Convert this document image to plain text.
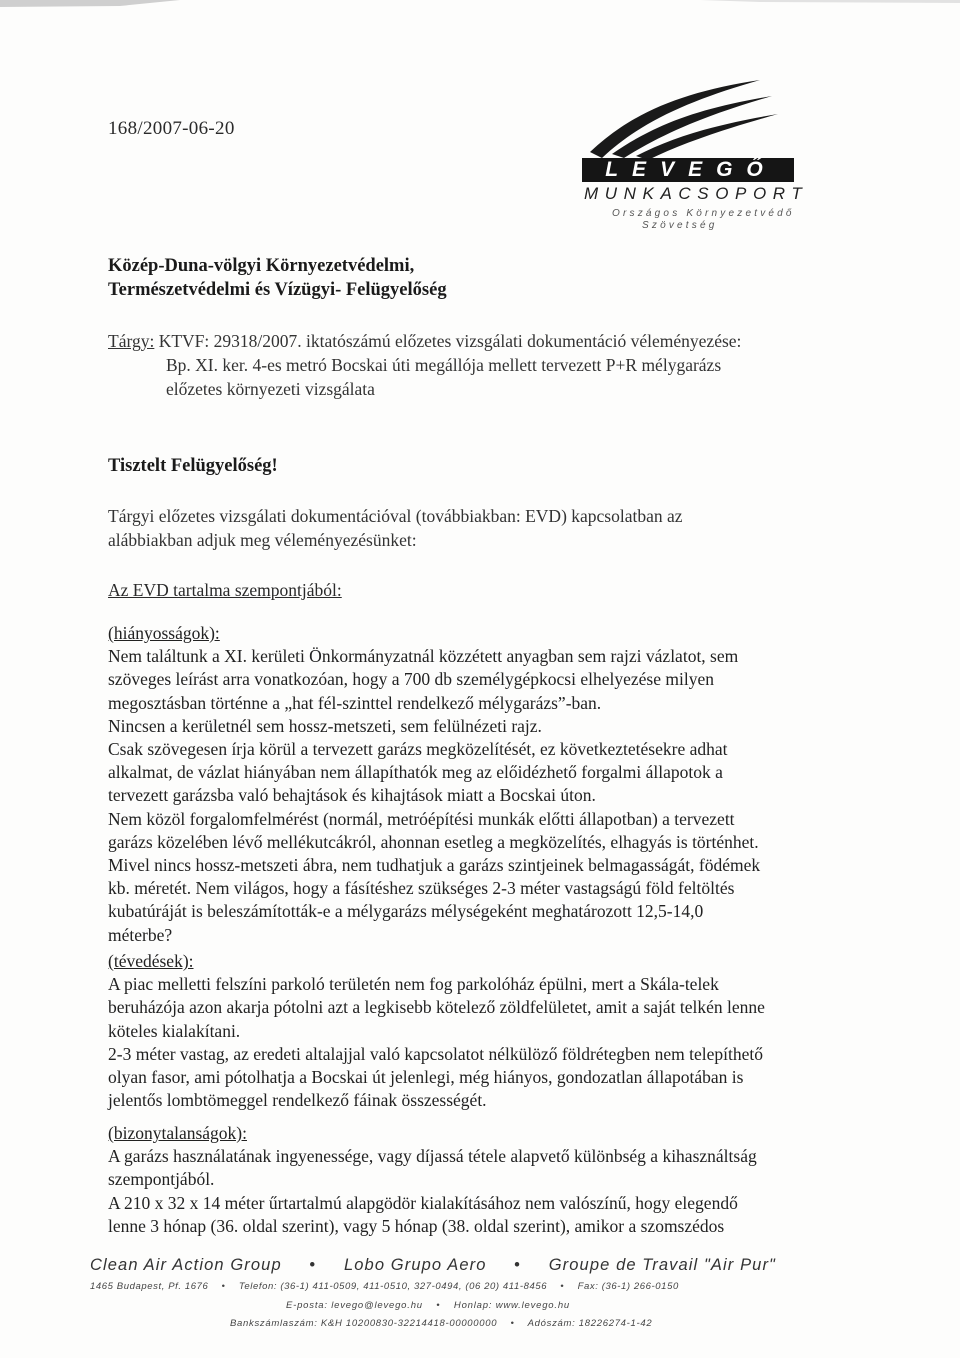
168/2007-06-20
LEVEGŐ
MUNKACSOPORT
Országos Környezetvédő
Szövetség
Közép-Duna-völgyi Környezetvédelmi,
Természetvédelmi és Vízügyi- Felügyelőség
Tárgy: KTVF: 29318/2007. iktatószámú előzetes vizsgálati dokumentáció véleményezése:
Bp. XI. ker. 4-es metró Bocskai úti megállója mellett tervezett P+R mélygarázs
előzetes környezeti vizsgálata
Tisztelt Felügyelőség!
Tárgyi előzetes vizsgálati dokumentációval (továbbiakban: EVD) kapcsolatban az
alábbiakban adjuk meg véleményezésünket:
Az EVD tartalma szempontjából:
(hiányosságok):
Nem találtunk a XI. kerületi Önkormányzatnál közzétett anyagban sem rajzi vázlatot, sem
szöveges leírást arra vonatkozóan, hogy a 700 db személygépkocsi elhelyezése milyen
megosztásban történne a „hat fél-szinttel rendelkező mélygarázs”-ban.
Nincsen a kerületnél sem hossz-metszeti, sem felülnézeti rajz.
Csak szövegesen írja körül a tervezett garázs megközelítését, ez következtetésekre adhat
alkalmat, de vázlat hiányában nem állapíthatók meg az előidézhető forgalmi állapotok a
tervezett garázsba való behajtások és kihajtások miatt a Bocskai úton.
Nem közöl forgalomfelmérést (normál, metróépítési munkák előtti állapotban) a tervezett
garázs közelében lévő mellékutcákról, ahonnan esetleg a megközelítés, elhagyás is történhet.
Mivel nincs hossz-metszeti ábra, nem tudhatjuk a garázs szintjeinek belmagasságát, födémek
kb. méretét. Nem világos, hogy a fásítéshez szükséges 2-3 méter vastagságú föld feltöltés
kubatúráját is beleszámították-e a mélygarázs mélységeként meghatározott 12,5-14,0
méterbe?
(tévedések):
A piac melletti felszíni parkoló területén nem fog parkolóház épülni, mert a Skála-telek
beruházója azon akarja pótolni azt a legkisebb kötelező zöldfelületet, amit a saját telkén lenne
köteles kialakítani.
2-3 méter vastag, az eredeti altalajjal való kapcsolatot nélkülöző földrétegben nem telepíthető
olyan fasor, ami pótolhatja a Bocskai út jelenlegi, még hiányos, gondozatlan állapotában is
jelentős lombtömeggel rendelkező fáinak összességét.
(bizonytalanságok):
A garázs használatának ingyenessége, vagy díjassá tétele alapvető különbség a kihasználtság
szempontjából.
A 210 x 32 x 14 méter űrtartalmú alapgödör kialakításához nem valószínű, hogy elegendő
lenne 3 hónap (36. oldal szerint), vagy 5 hónap (38. oldal szerint), amikor a szomszédos
Clean Air Action Group • Lobo Grupo Aero • Groupe de Travail "Air Pur"
1465 Budapest, Pf. 1676 • Telefon: (36-1) 411-0509, 411-0510, 327-0494, (06 20) 411-8456 • Fax: (36-1) 266-0150
E-posta: levego@levego.hu • Honlap: www.levego.hu
Bankszámlaszám: K&H 10200830-32214418-00000000 • Adószám: 18226274-1-42
